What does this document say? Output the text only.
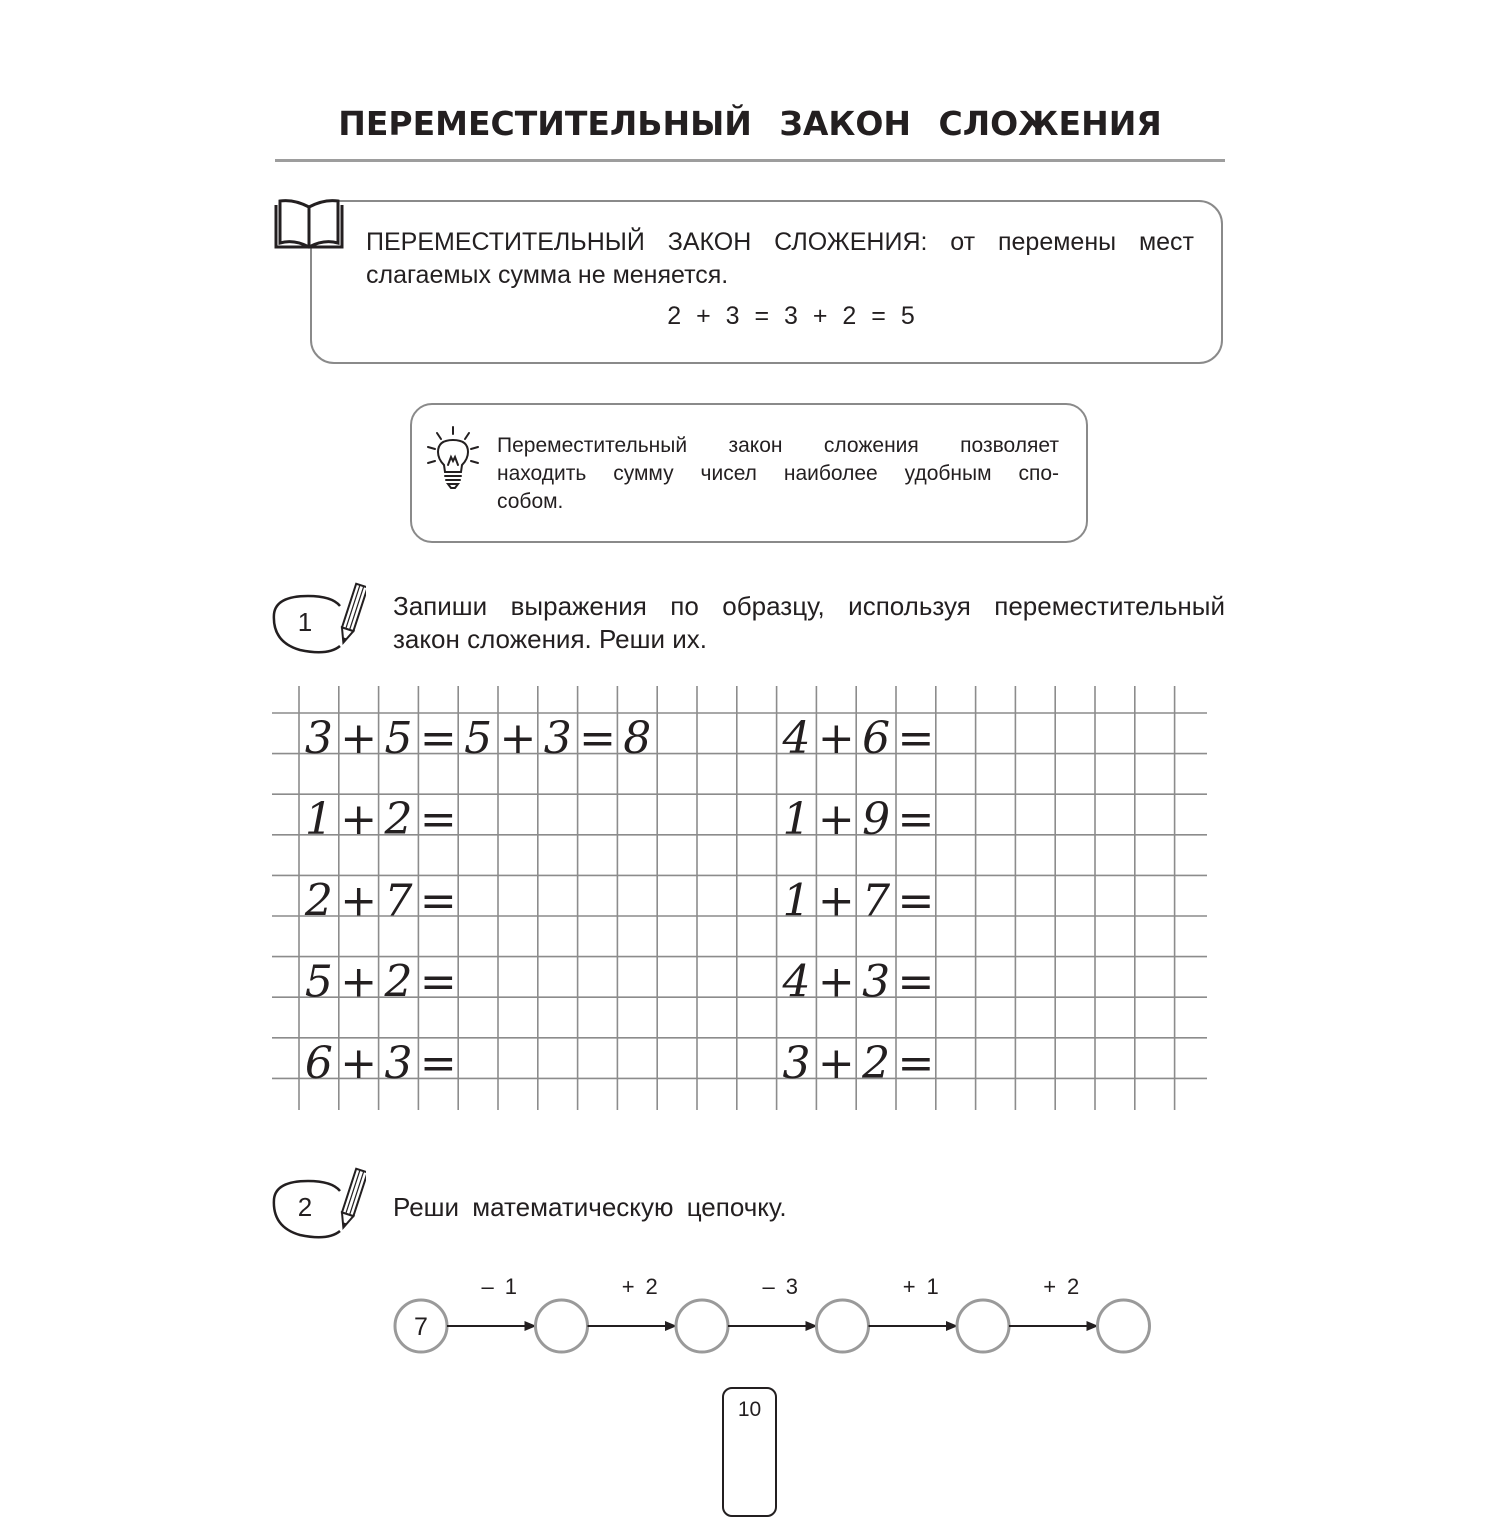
ПЕРЕМЕСТИТЕЛЬНЫЙ ЗАКОН СЛОЖЕНИЯ
ПЕРЕМЕСТИТЕЛЬНЫЙ ЗАКОН СЛОЖЕНИЯ: от перемены мест
слагаемых сумма не меняется.
2 + 3 = 3 + 2 = 5
Переместительный закон сложения позволяет
находить сумму чисел наиболее удобным спо-
собом.
1
Запиши выражения по образцу, используя переместительный
закон сложения. Реши их.
3 + 5 = 5 + 3 = 8
1 + 2 =
2 + 7 =
5 + 2 =
6 + 3 =
4 + 6 =
1 + 9 =
1 + 7 =
4 + 3 =
3 + 2 =
2	Реши математическую цепочку.
– 1	+ 2	– 3	+ 1	+ 2
7
10
